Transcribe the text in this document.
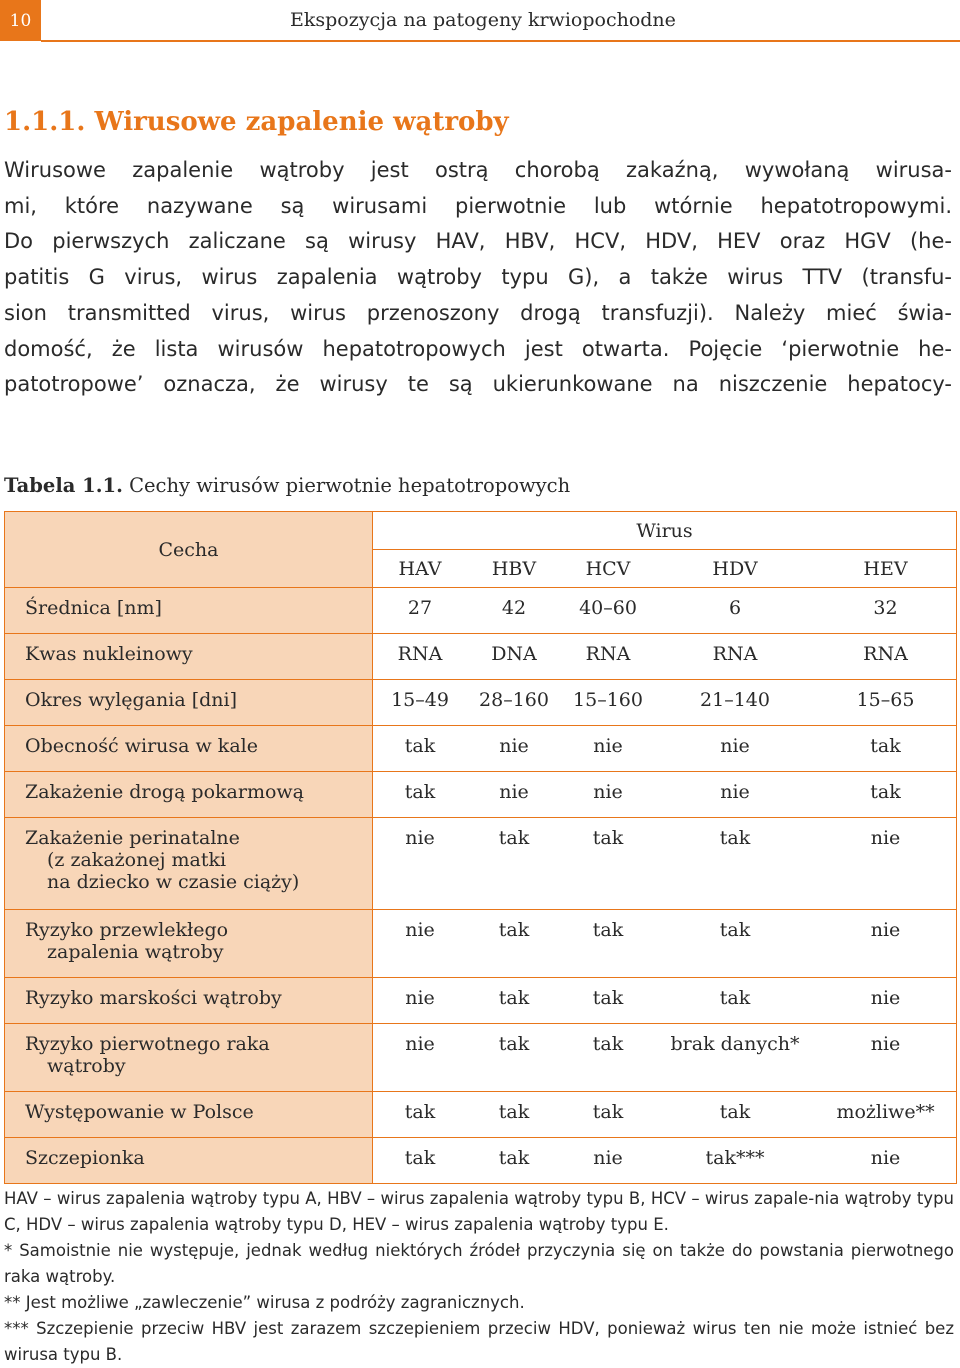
10	Ekspozycja na patogeny krwiopochodne
1.1.1. Wirusowe zapalenie wątroby
Wirusowe zapalenie wątroby jest ostrą chorobą zakaźną, wywołaną wirusa-
mi, które nazywane są wirusami pierwotnie lub wtórnie hepatotropowymi.
Do pierwszych zaliczane są wirusy HAV, HBV, HCV, HDV, HEV oraz HGV (he-
patitis G virus, wirus zapalenia wątroby typu G), a także wirus TTV (transfu-
sion transmitted virus, wirus przenoszony drogą transfuzji). Należy mieć świa-
domość, że lista wirusów hepatotropowych jest otwarta. Pojęcie ‘pierwotnie he-
patotropowe’ oznacza, że wirusy te są ukierunkowane na niszczenie hepatocy-
Tabela 1.1. Cechy wirusów pierwotnie hepatotropowych
Cecha	Wirus				
	HAV	HBV	HCV	HDV	HEV

Średnica [nm]	27	42	40–60	6	32

Kwas nukleinowy	RNA	DNA	RNA	RNA	RNA

Okres wylęgania [dni]	15–49	28–160	15–160	21–140	15–65

Obecność wirusa w kale	tak	nie	nie	nie	tak

Zakażenie drogą pokarmową	tak	nie	nie	nie	tak

Zakażenie perinatalne
(z zakażonej matki
na dziecko w czasie ciąży)	nie	tak	tak	tak	nie

Ryzyko przewlekłego
zapalenia wątroby	nie	tak	tak	tak	nie

Ryzyko marskości wątroby	nie	tak	tak	tak	nie

Ryzyko pierwotnego raka
wątroby	nie	tak	tak	brak danych*	nie

Występowanie w Polsce	tak	tak	tak	tak	możliwe**

Szczepionka	tak	tak	nie	tak***	nie
HAV – wirus zapalenia wątroby typu A, HBV – wirus zapalenia wątroby typu B, HCV – wirus zapale-nia wątroby typu C, HDV – wirus zapalenia wątroby typu D, HEV – wirus zapalenia wątroby typu E.
* Samoistnie nie występuje, jednak według niektórych źródeł przyczynia się on także do powstania pierwotnego raka wątroby.
** Jest możliwe „zawleczenie” wirusa z podróży zagranicznych.
*** Szczepienie przeciw HBV jest zarazem szczepieniem przeciw HDV, ponieważ wirus ten nie może istnieć bez wirusa typu B.
